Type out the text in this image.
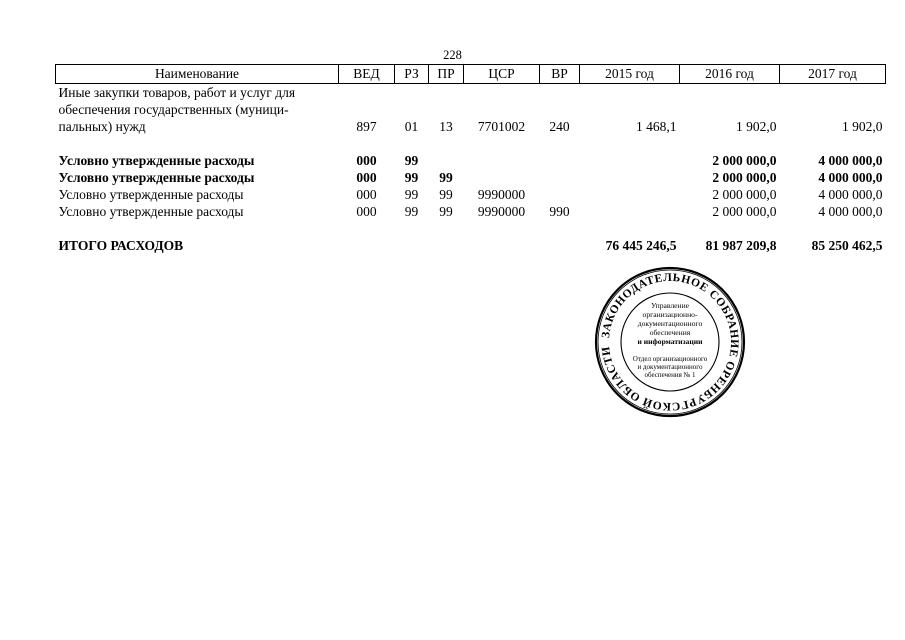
228
Наименование	ВЕД	РЗ	ПР	ЦСР	ВР	2015 год	2016 год	2017 год
Иные закупки товаров, работ и услуг для
обеспечения государственных (муници-
пальных) нужд	897	01	13	7701002	240	1 468,1	1 902,0	1 902,0

Условно утвержденные расходы	000	99					2 000 000,0	4 000 000,0
Условно утвержденные расходы	000	99	99				2 000 000,0	4 000 000,0
Условно утвержденные расходы	000	99	99	9990000			2 000 000,0	4 000 000,0
Условно утвержденные расходы	000	99	99	9990000	990		2 000 000,0	4 000 000,0

ИТОГО РАСХОДОВ						76 445 246,5	81 987 209,8	85 250 462,5
ЗАКОНОДАТЕЛЬНОЕ СОБРАНИЕ ОРЕНБУРГСКОЙ ОБЛАСТИ
Управление
организационно-
документационного
обеспечения
и информатизации
Отдел организационного
и документационного
обеспечения № 1
